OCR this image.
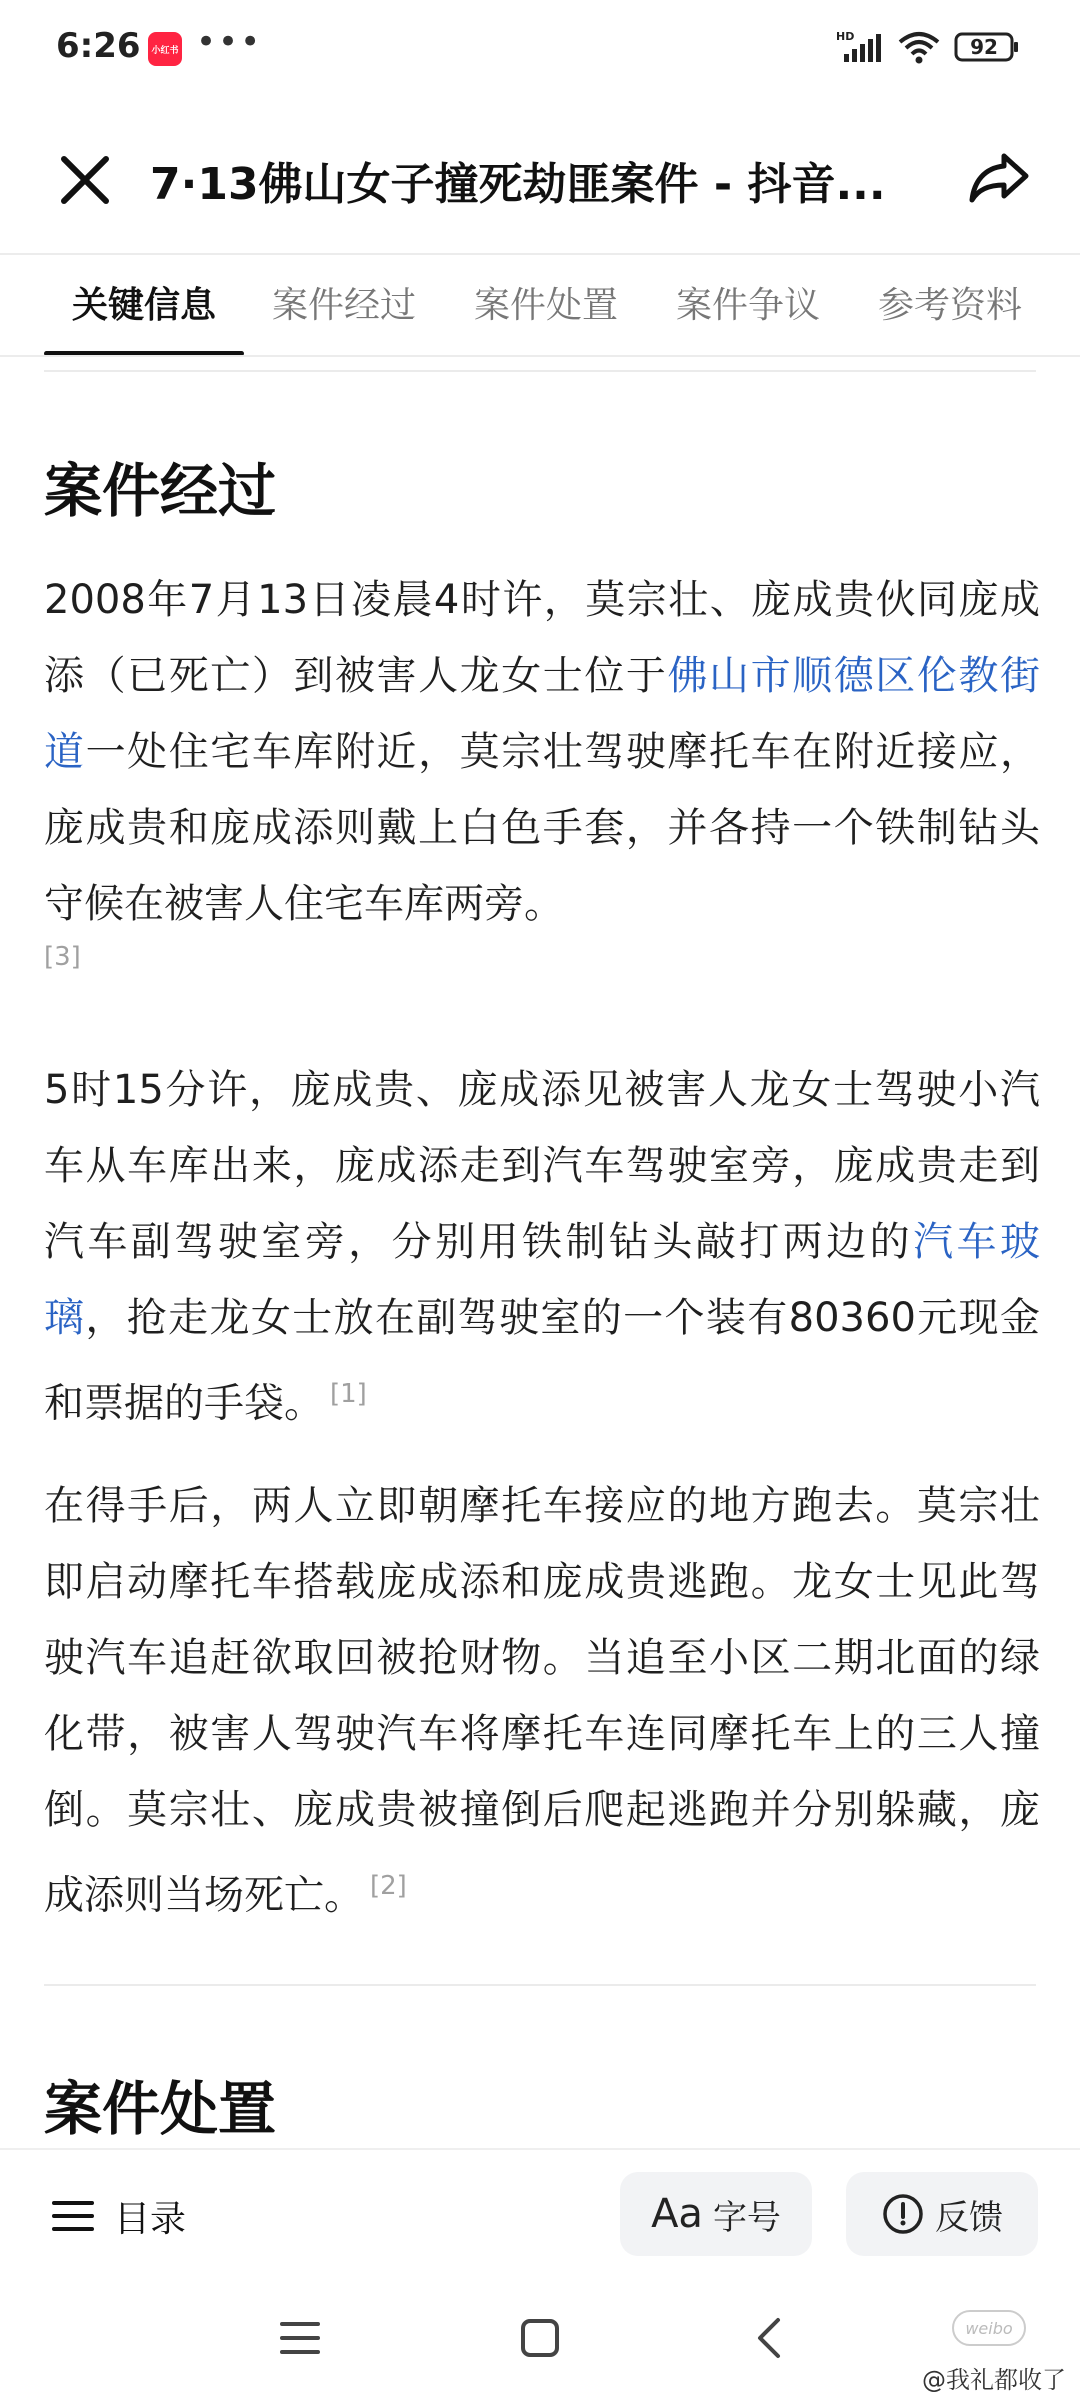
6:26	小红书 •••	HD	92
7·13佛山女子撞死劫匪案件 - 抖音...
关键信息	案件经过	案件处置	案件争议	参考资料
案件经过

2008年7月13日凌晨4时许，莫宗壮、庞成贵伙同庞成添（已死亡）到被害人龙女士位于佛山市顺德区伦教街道一处住宅车库附近，莫宗壮驾驶摩托车在附近接应，庞成贵和庞成添则戴上白色手套，并各持一个铁制钻头守候在被害人住宅车库两旁。

[3]

5时15分许，庞成贵、庞成添见被害人龙女士驾驶小汽车从车库出来，庞成添走到汽车驾驶室旁，庞成贵走到汽车副驾驶室旁，分别用铁制钻头敲打两边的汽车玻璃，抢走龙女士放在副驾驶室的一个装有80360元现金和票据的手袋。 [1]

在得手后，两人立即朝摩托车接应的地方跑去。莫宗壮即启动摩托车搭载庞成添和庞成贵逃跑。龙女士见此驾驶汽车追赶欲取回被抢财物。当追至小区二期北面的绿化带，被害人驾驶汽车将摩托车连同摩托车上的三人撞倒。莫宗壮、庞成贵被撞倒后爬起逃跑并分别躲藏，庞成添则当场死亡。 [2]

案件处置
目录	Aa 字号	反馈
weibo
@我礼都收了
